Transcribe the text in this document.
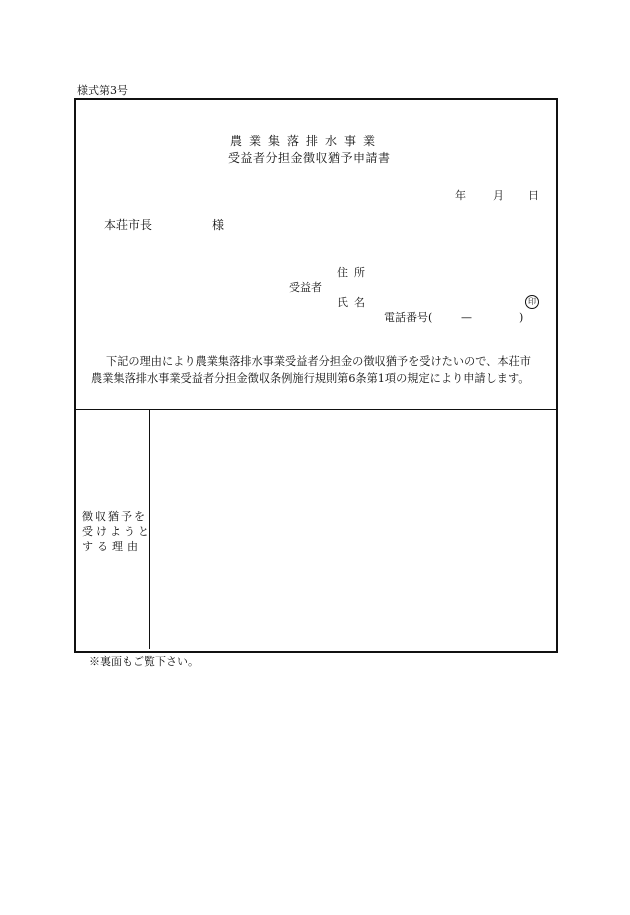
様式第3号
農業集落排水事業
受益者分担金徴収猶予申請書
年 月 日
本荘市長	様
住所
受益者
氏名	印
電話番号(	—	)
下記の理由により農業集落排水事業受益者分担金の徴収猶予を受けたいので、本荘市
農業集落排水事業受益者分担金徴収条例施行規則第6条第1項の規定により申請します。
徴収猶予を
受けようと
する理由
※裏面もご覧下さい。
